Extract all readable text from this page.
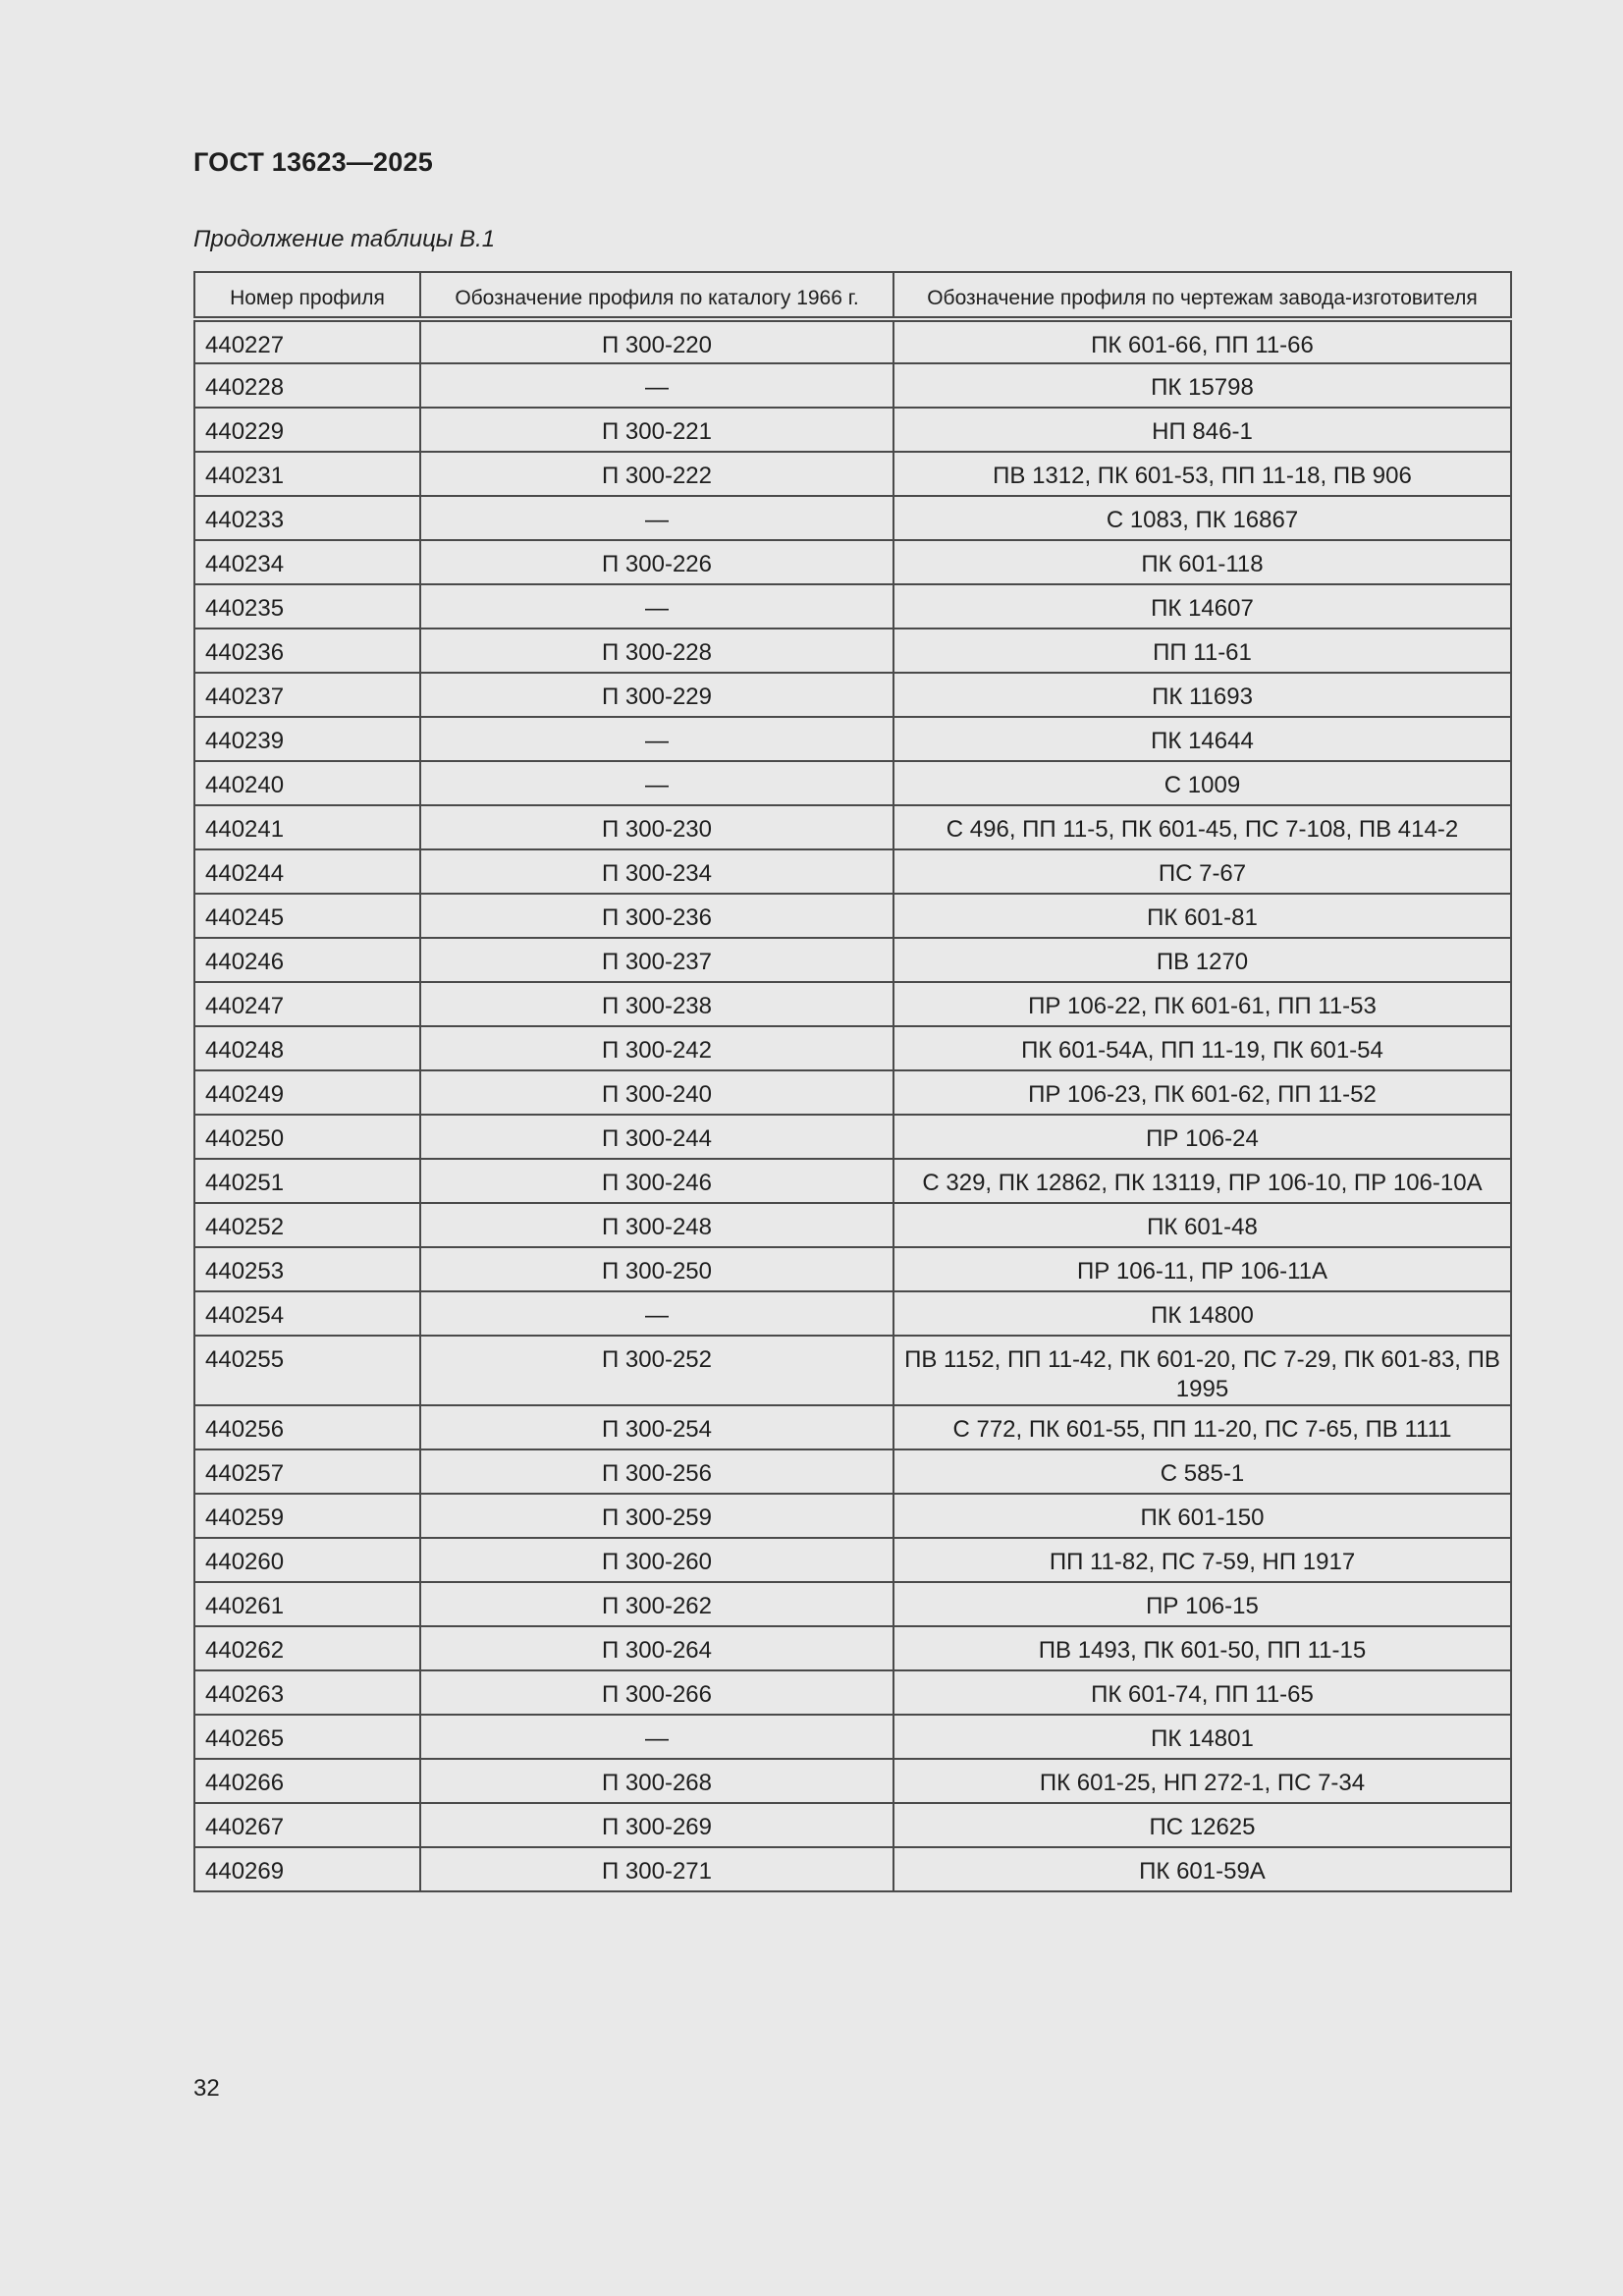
ГОСТ 13623—2025
Продолжение таблицы В.1
Номер профиля	Обозначение профиля по каталогу 1966 г.	Обозначение профиля по чертежам завода-изготовителя
440227	П 300-220	ПК 601-66, ПП 11-66
440228	—	ПК 15798
440229	П 300-221	НП 846-1
440231	П 300-222	ПВ 1312, ПК 601-53, ПП 11-18, ПВ 906
440233	—	С 1083, ПК 16867
440234	П 300-226	ПК 601-118
440235	—	ПК 14607
440236	П 300-228	ПП 11-61
440237	П 300-229	ПК 11693
440239	—	ПК 14644
440240	—	С 1009
440241	П 300-230	С 496, ПП 11-5, ПК 601-45, ПС 7-108, ПВ 414-2
440244	П 300-234	ПС 7-67
440245	П 300-236	ПК 601-81
440246	П 300-237	ПВ 1270
440247	П 300-238	ПР 106-22, ПК 601-61, ПП 11-53
440248	П 300-242	ПК 601-54А, ПП 11-19, ПК 601-54
440249	П 300-240	ПР 106-23, ПК 601-62, ПП 11-52
440250	П 300-244	ПР 106-24
440251	П 300-246	С 329, ПК 12862, ПК 13119, ПР 106-10, ПР 106-10А
440252	П 300-248	ПК 601-48
440253	П 300-250	ПР 106-11, ПР 106-11А
440254	—	ПК 14800
440255	П 300-252	ПВ 1152, ПП 11-42, ПК 601-20, ПС 7-29, ПК 601-83, ПВ 1995
440256	П 300-254	С 772, ПК 601-55, ПП 11-20, ПС 7-65, ПВ 1111
440257	П 300-256	С 585-1
440259	П 300-259	ПК 601-150
440260	П 300-260	ПП 11-82, ПС 7-59, НП 1917
440261	П 300-262	ПР 106-15
440262	П 300-264	ПВ 1493, ПК 601-50, ПП 11-15
440263	П 300-266	ПК 601-74, ПП 11-65
440265	—	ПК 14801
440266	П 300-268	ПК 601-25, НП 272-1, ПС 7-34
440267	П 300-269	ПС 12625
440269	П 300-271	ПК 601-59А
32
